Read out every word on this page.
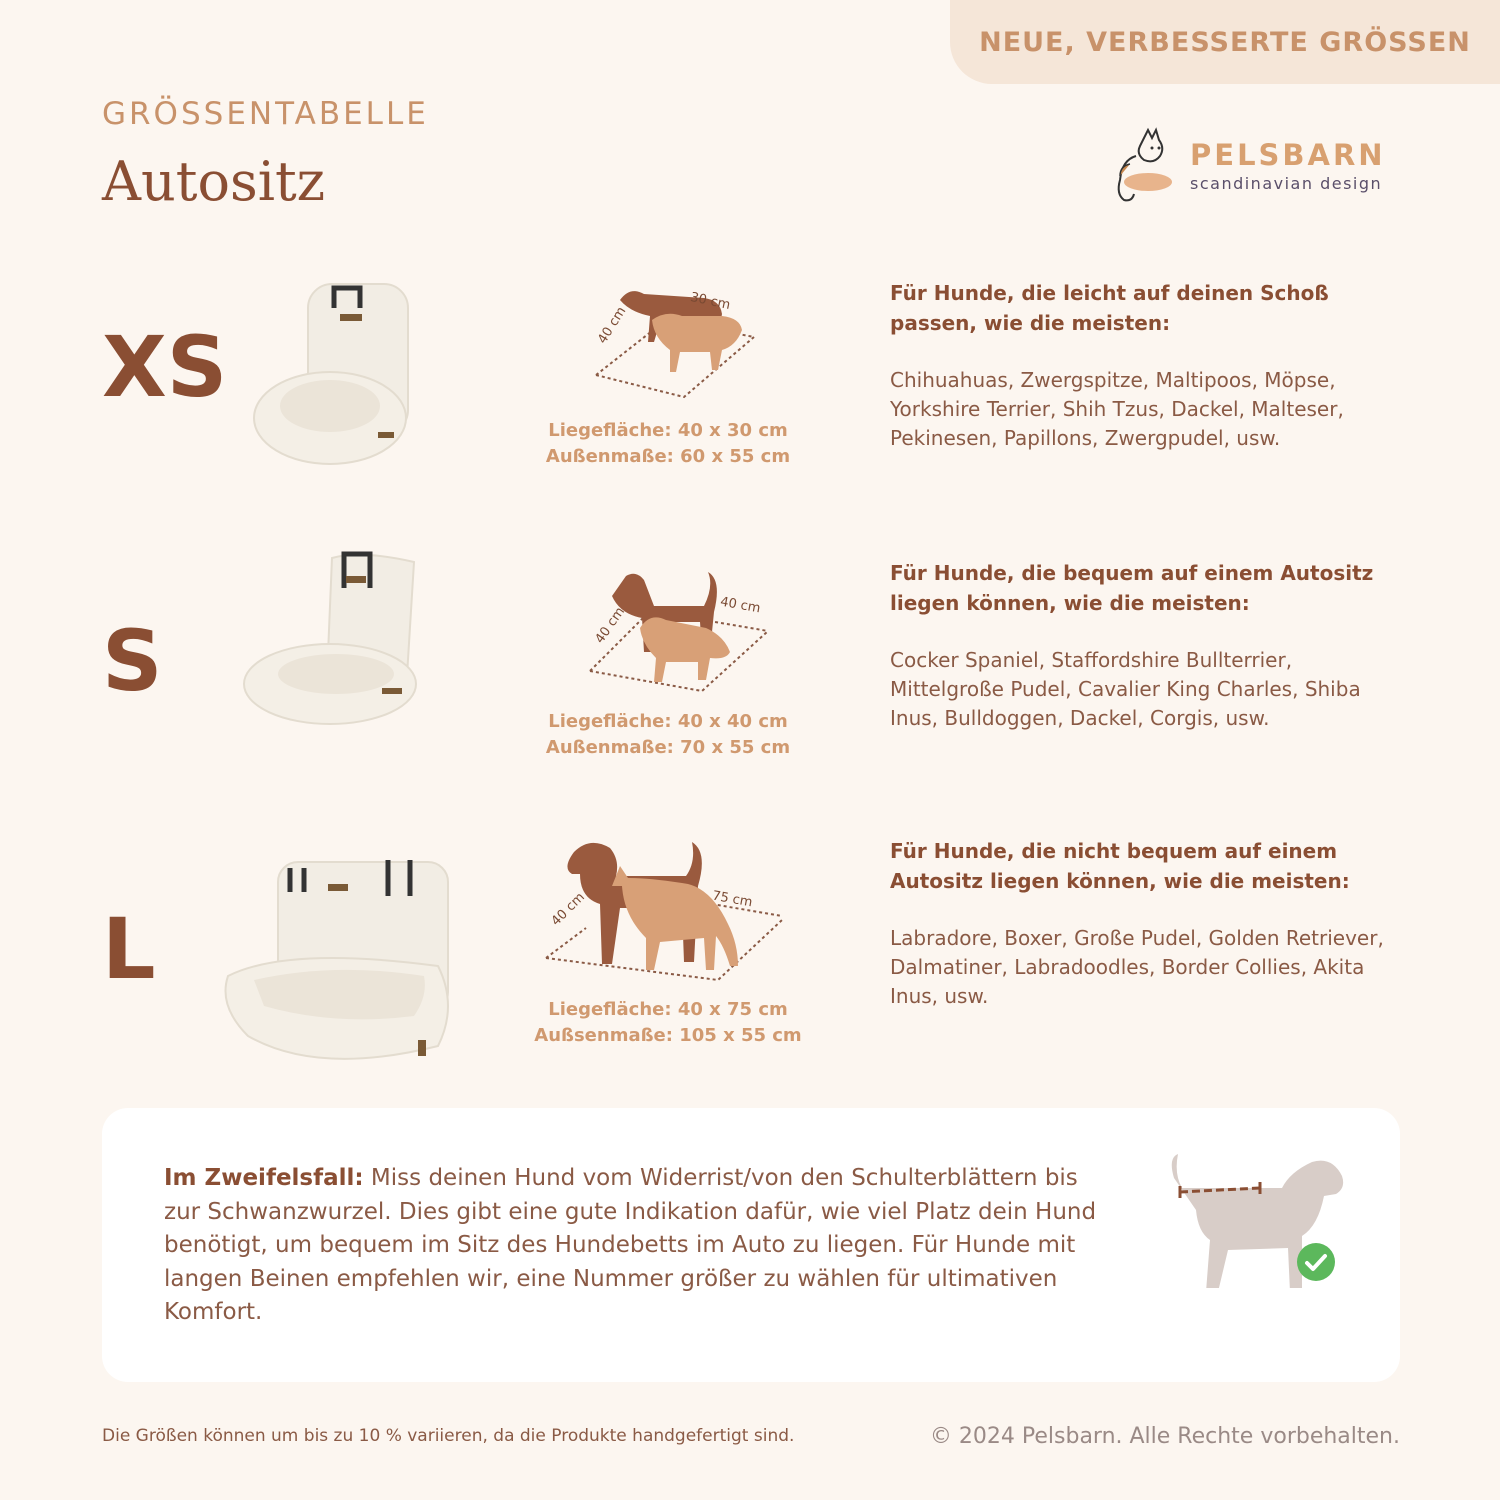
NEUE, VERBESSERTE GRÖSSEN
GRÖSSENTABELLE
Autositz	PELSBARN
scandinavian design
XS	40 cm
30 cm
Liegefläche: 40 x 30 cm
Außenmaße: 60 x 55 cm
Für Hunde, die leicht auf deinen Schoß passen, wie die meisten:
Chihuahuas, Zwergspitze, Maltipoos, Möpse, Yorkshire Terrier, Shih Tzus, Dackel, Malteser, Pekinesen, Papillons, Zwergpudel, usw.
S	40 cm	40 cm
Liegefläche: 40 x 40 cm
Außenmaße: 70 x 55 cm
Für Hunde, die bequem auf einem Autositz liegen können, wie die meisten:
Cocker Spaniel, Staffordshire Bullterrier, Mittelgroße Pudel, Cavalier King Charles, Shiba Inus, Bulldoggen, Dackel, Corgis, usw.
L	40 cm	75 cm
Liegefläche: 40 x 75 cm
Außsenmaße: 105 x 55 cm
Für Hunde, die nicht bequem auf einem Autositz liegen können, wie die meisten:
Labradore, Boxer, Große Pudel, Golden Retriever, Dalmatiner, Labradoodles, Border Collies, Akita Inus, usw.
Im Zweifelsfall: Miss deinen Hund vom Widerrist/von den Schulterblättern bis zur Schwanzwurzel. Dies gibt eine gute Indikation dafür, wie viel Platz dein Hund benötigt, um bequem im Sitz des Hundebetts im Auto zu liegen. Für Hunde mit langen Beinen empfehlen wir, eine Nummer größer zu wählen für ultimativen Komfort.
Die Größen können um bis zu 10 % variieren, da die Produkte handgefertigt sind.	© 2024 Pelsbarn. Alle Rechte vorbehalten.
